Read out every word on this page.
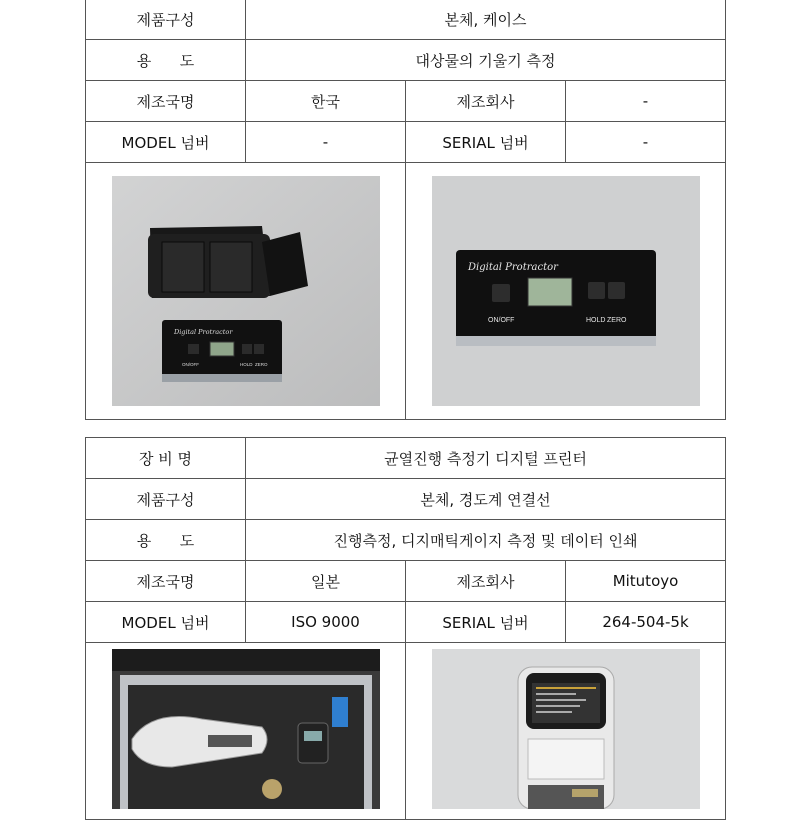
제품구성	본체, 케이스		
용      도	대상물의 기울기 측정		
제조국명	한국	제조회사	-
MODEL 넘버	-	SERIAL 넘버	-

Digital Protractor
ON/OFF HOLD ZERO		Digital Protractor
ON/OFF HOLD ZERO	
장 비 명	균열진행 측정기 디지털 프린터		
제품구성	본체, 경도계 연결선		
용      도	진행측정, 디지매틱게이지 측정 및 데이터 인쇄		
제조국명	일본	제조회사	Mitutoyo
MODEL 넘버	ISO 9000	SERIAL 넘버	264-504-5k
